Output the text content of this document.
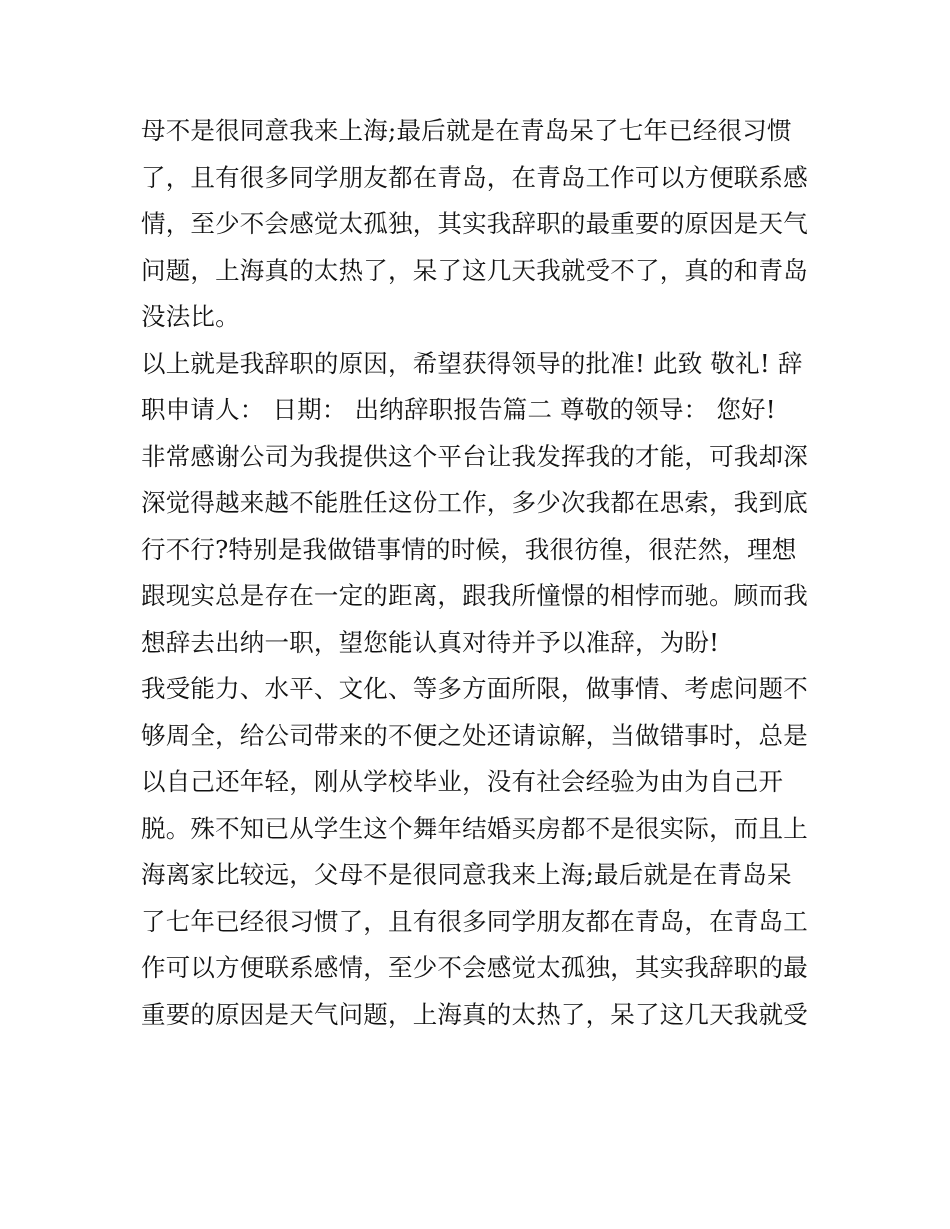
母不是很同意我来上海;最后就是在青岛呆了七年已经很习惯
了，且有很多同学朋友都在青岛，在青岛工作可以方便联系感
情，至少不会感觉太孤独，其实我辞职的最重要的原因是天气
问题，上海真的太热了，呆了这几天我就受不了，真的和青岛
没法比。
以上就是我辞职的原因，希望获得领导的批准! 此致 敬礼! 辞
职申请人： 日期： 出纳辞职报告篇二 尊敬的领导： 您好!
非常感谢公司为我提供这个平台让我发挥我的才能，可我却深
深觉得越来越不能胜任这份工作，多少次我都在思索，我到底
行不行?特别是我做错事情的时候，我很彷徨，很茫然，理想
跟现实总是存在一定的距离，跟我所憧憬的相悖而驰。顾而我
想辞去出纳一职，望您能认真对待并予以准辞，为盼!
我受能力、水平、文化、等多方面所限，做事情、考虑问题不
够周全，给公司带来的不便之处还请谅解，当做错事时，总是
以自己还年轻，刚从学校毕业，没有社会经验为由为自己开
脱。殊不知已从学生这个舞年结婚买房都不是很实际，而且上
海离家比较远，父母不是很同意我来上海;最后就是在青岛呆
了七年已经很习惯了，且有很多同学朋友都在青岛，在青岛工
作可以方便联系感情，至少不会感觉太孤独，其实我辞职的最
重要的原因是天气问题，上海真的太热了，呆了这几天我就受
